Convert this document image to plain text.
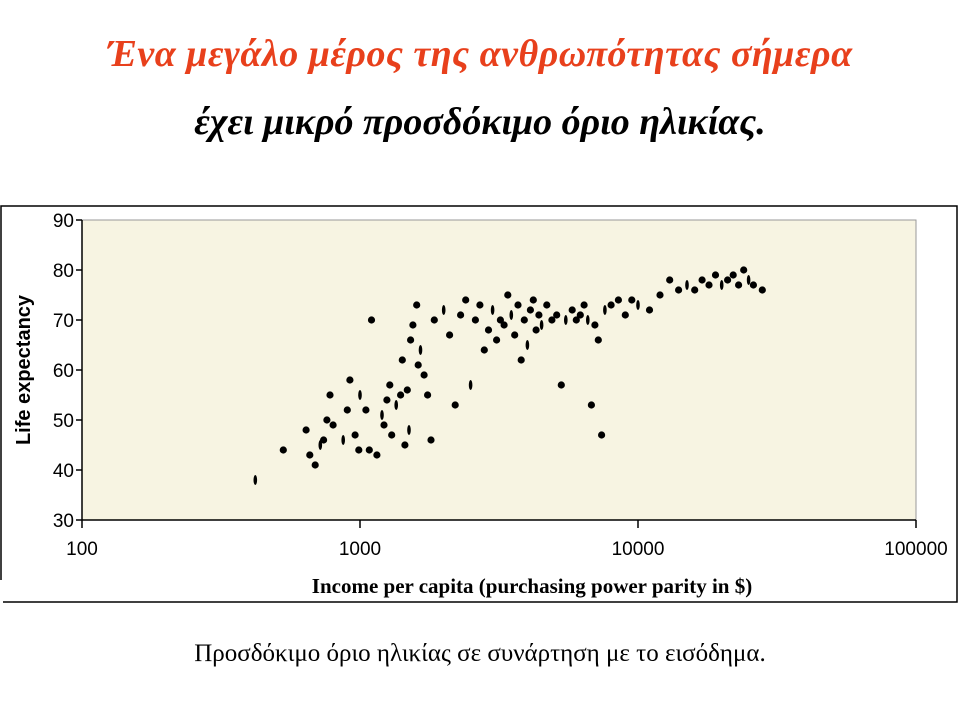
Ένα μεγάλο μέρος της ανθρωπότητας σήμερα
έχει μικρό προσδόκιμο όριο ηλικίας.
30
40
50
60
70
80
90
100	1000	10000	100000
Life expectancy
Income per capita (purchasing power parity in $)
Προσδόκιμο όριο ηλικίας σε συνάρτηση με το εισόδημα.
